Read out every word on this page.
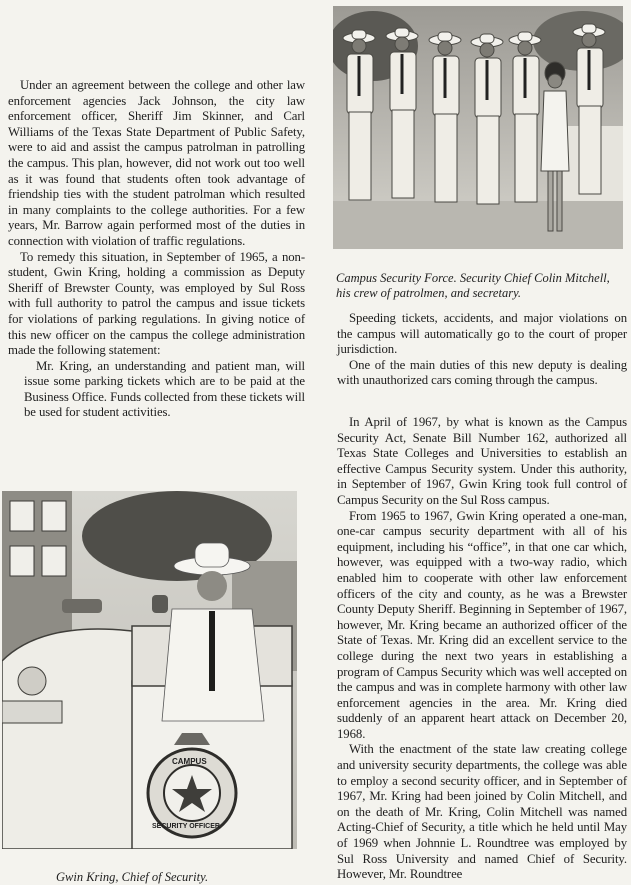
Under an agreement between the college and other law enforcement agencies Jack Johnson, the city law enforcement officer, Sheriff Jim Skinner, and Carl Williams of the Texas State Department of Public Safety, were to aid and assist the campus patrolman in patrolling the campus. This plan, however, did not work out too well as it was found that students often took advantage of friendship ties with the student patrolman which resulted in many complaints to the college authorities. For a few years, Mr. Barrow again performed most of the duties in connection with violation of traffic regulations.

To remedy this situation, in September of 1965, a non-student, Gwin Kring, holding a commission as Deputy Sheriff of Brewster County, was employed by Sul Ross with full authority to patrol the campus and issue tickets for violations of parking regulations. In giving notice of this new officer on the campus the college administration made the following statement:

Mr. Kring, an understanding and patient man, will issue some parking tickets which are to be paid at the Business Office. Funds collected from these tickets will be used for student activities.

Campus Security Force. Security Chief Colin Mitchell, his crew of patrolmen, and secretary.

Speeding tickets, accidents, and major violations on the campus will automatically go to the court of proper jurisdiction.

One of the main duties of this new deputy is dealing with unauthorized cars coming through the campus.

In April of 1967, by what is known as the Campus Security Act, Senate Bill Number 162, authorized all Texas State Colleges and Universities to establish an effective Campus Security system. Under this authority, in September of 1967, Gwin Kring took full control of Campus Security on the Sul Ross campus.

From 1965 to 1967, Gwin Kring operated a one-man, one-car campus security department with all of his equipment, including his “office”, in that one car which, however, was equipped with a two-way radio, which enabled him to cooperate with other law enforcement officers of the city and county, as he was a Brewster County Deputy Sheriff. Beginning in September of 1967, however, Mr. Kring became an authorized officer of the State of Texas. Mr. Kring did an excellent service to the college during the next two years in establishing a program of Campus Security which was well accepted on the campus and was in complete harmony with other law enforcement agencies in the area. Mr. Kring died suddenly of an apparent heart attack on December 20, 1968.

With the enactment of the state law creating college and university security departments, the college was able to employ a second security officer, and in September of 1967, Mr. Kring had been joined by Colin Mitchell, and on the death of Mr. Kring, Colin Mitchell was named Acting-Chief of Security, a title which he held until May of 1969 when Johnnie L. Roundtree was employed by Sul Ross University and named Chief of Security. However, Mr. Roundtree

CAMPUS
SECURITY OFFICER

Gwin Kring, Chief of Security.
